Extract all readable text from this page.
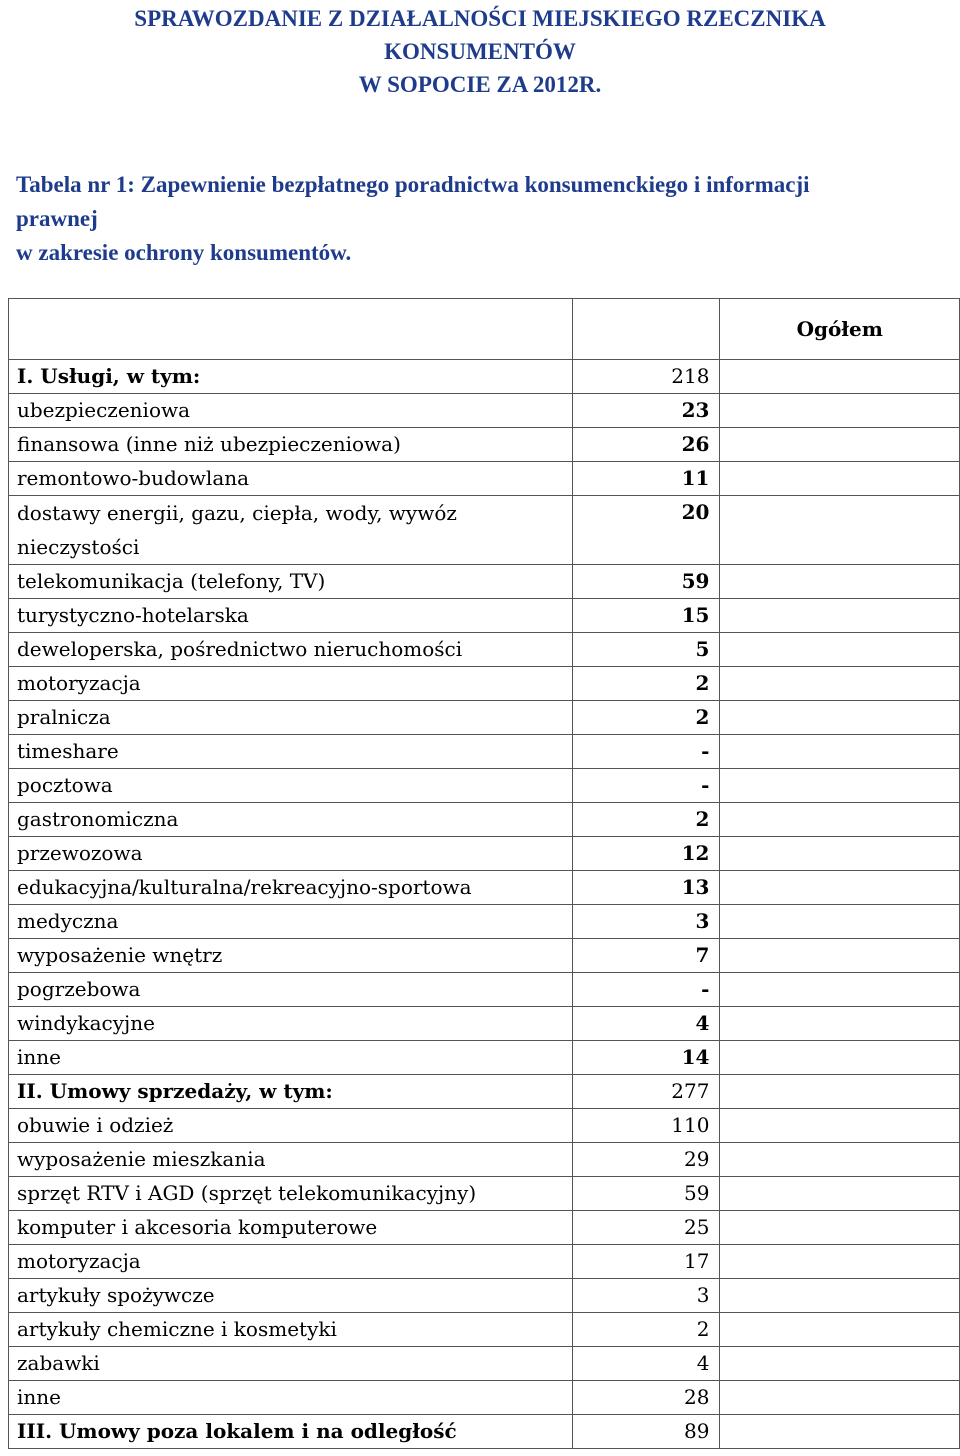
SPRAWOZDANIE Z DZIAŁALNOŚCI MIEJSKIEGO RZECZNIKA
KONSUMENTÓW
W SOPOCIE ZA 2012R.
Tabela nr 1: Zapewnienie bezpłatnego poradnictwa konsumenckiego i informacji
prawnej
w zakresie ochrony konsumentów.
		Ogółem
I. Usługi, w tym:	218	
ubezpieczeniowa	23	
finansowa (inne niż ubezpieczeniowa)	26	
remontowo-budowlana	11	
dostawy energii, gazu, ciepła, wody, wywóz nieczystości	20	
telekomunikacja (telefony, TV)	59	
turystyczno-hotelarska	15	
deweloperska, pośrednictwo nieruchomości	5	
motoryzacja	2	
pralnicza	2	
timeshare	-	
pocztowa	-	
gastronomiczna	2	
przewozowa	12	
edukacyjna/kulturalna/rekreacyjno-sportowa	13	
medyczna	3	
wyposażenie wnętrz	7	
pogrzebowa	-	
windykacyjne	4	
inne	14	
II. Umowy sprzedaży, w tym:	277	
obuwie i odzież	110	
wyposażenie mieszkania	29	
sprzęt RTV i AGD (sprzęt telekomunikacyjny)	59	
komputer i akcesoria komputerowe	25	
motoryzacja	17	
artykuły spożywcze	3	
artykuły chemiczne i kosmetyki	2	
zabawki	4	
inne	28	
III. Umowy poza lokalem i na odległość	89	
